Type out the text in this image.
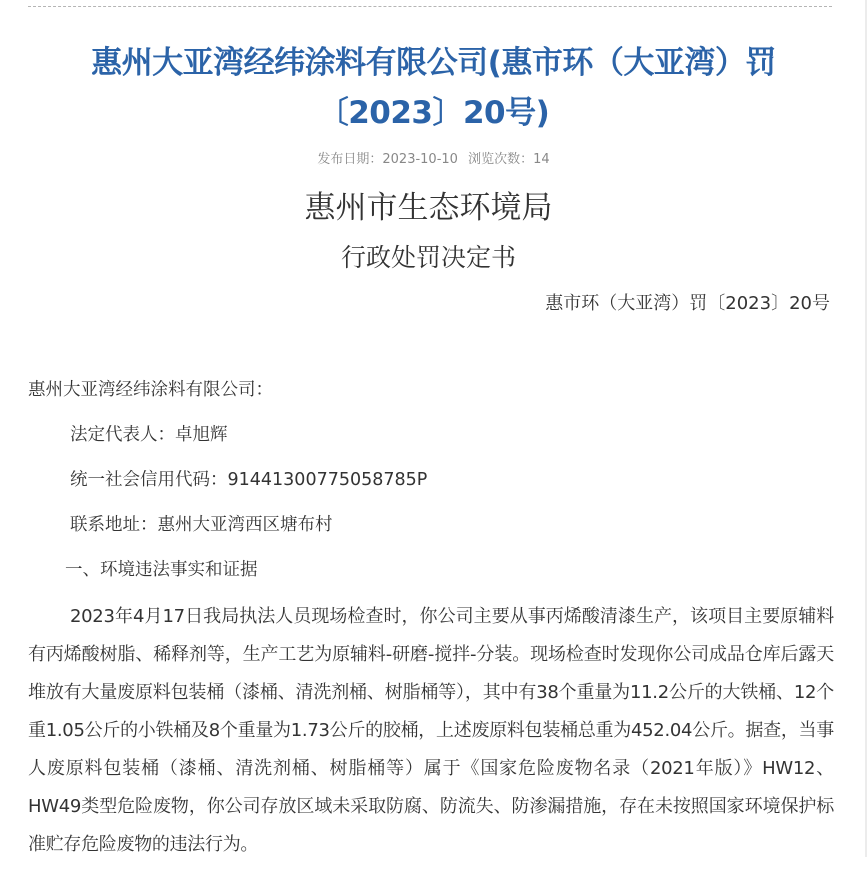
惠州大亚湾经纬涂料有限公司(惠市环（大亚湾）罚〔2023〕20号)
发布日期：2023-10-10 浏览次数：14
惠州市生态环境局
行政处罚决定书
惠市环（大亚湾）罚〔2023〕20号
惠州大亚湾经纬涂料有限公司：
法定代表人：卓旭辉
统一社会信用代码：91441300775058785P
联系地址：惠州大亚湾西区塘布村
一、环境违法事实和证据

2023年4月17日我局执法人员现场检查时，你公司主要从事丙烯酸清漆生产，该项目主要原辅料有丙烯酸树脂、稀释剂等，生产工艺为原辅料-研磨-搅拌-分装。现场检查时发现你公司成品仓库后露天堆放有大量废原料包装桶（漆桶、清洗剂桶、树脂桶等），其中有38个重量为11.2公斤的大铁桶、12个重1.05公斤的小铁桶及8个重量为1.73公斤的胶桶，上述废原料包装桶总重为452.04公斤。据查，当事人废原料包装桶（漆桶、清洗剂桶、树脂桶等）属于《国家危险废物名录（2021年版）》HW12、HW49类型危险废物，你公司存放区域未采取防腐、防流失、防渗漏措施，存在未按照国家环境保护标准贮存危险废物的违法行为。
